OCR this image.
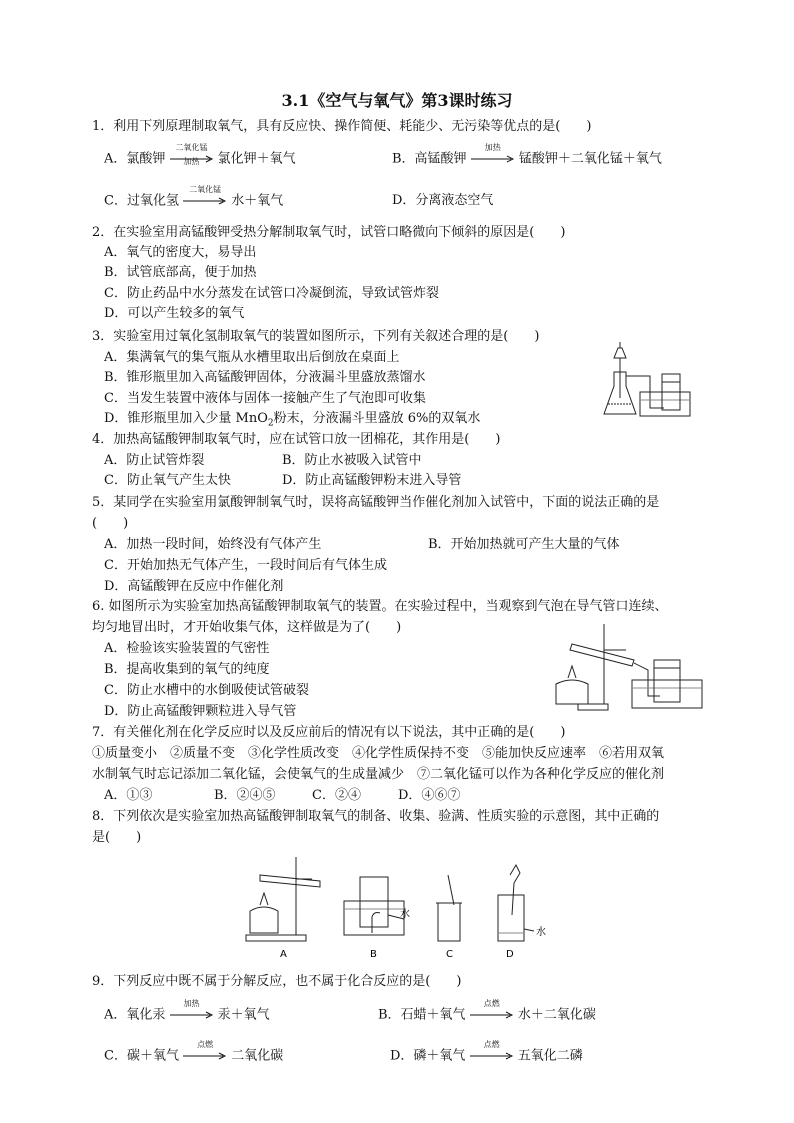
3.1《空气与氧气》第3课时练习
1．利用下列原理制取氧气，具有反应快、操作简便、耗能少、无污染等优点的是(　　)
A．氯酸钾
二氧化锰
加热	氯化钾＋氧气	B．高锰酸钾
加热
锰酸钾＋二氧化锰＋氧气
C．过氧化氢
二氧化锰
水＋氧气	D．分离液态空气
2．在实验室用高锰酸钾受热分解制取氧气时，试管口略微向下倾斜的原因是(　　)
A．氧气的密度大，易导出
B．试管底部高，便于加热
C．防止药品中水分蒸发在试管口冷凝倒流，导致试管炸裂
D．可以产生较多的氧气
3．实验室用过氧化氢制取氧气的装置如图所示，下列有关叙述合理的是(　　)
A．集满氧气的集气瓶从水槽里取出后倒放在桌面上
B．锥形瓶里加入高锰酸钾固体，分液漏斗里盛放蒸馏水
C．当发生装置中液体与固体一接触产生了气泡即可收集
D．锥形瓶里加入少量 MnO$_2$粉末，分液漏斗里盛放 6%的双氧水
4．加热高锰酸钾制取氧气时，应在试管口放一团棉花，其作用是(　　)
A．防止试管炸裂	B．防止水被吸入试管中
C．防止氧气产生太快	D．防止高锰酸钾粉末进入导管
5．某同学在实验室用氯酸钾制氧气时，误将高锰酸钾当作催化剂加入试管中，下面的说法正确的是
(　　)
A．加热一段时间，始终没有气体产生	B．开始加热就可产生大量的气体
C．开始加热无气体产生，一段时间后有气体生成
D．高锰酸钾在反应中作催化剂
6. 如图所示为实验室加热高锰酸钾制取氧气的装置。在实验过程中，当观察到气泡在导气管口连续、
均匀地冒出时，才开始收集气体，这样做是为了(　　)
A．检验该实验装置的气密性
B．提高收集到的氧气的纯度
C．防止水槽中的水倒吸使试管破裂
D．防止高锰酸钾颗粒进入导气管
7．有关催化剂在化学反应时以及反应前后的情况有以下说法，其中正确的是(　　)
①质量变小　②质量不变　③化学性质改变　④化学性质保持不变　⑤能加快反应速率　⑥若用双氧
水制氧气时忘记添加二氧化锰，会使氧气的生成量减少　⑦二氧化锰可以作为各种化学反应的催化剂
A．①③	B．②④⑤	C．②④	D．④⑥⑦
8．下列依次是实验室加热高锰酸钾制取氧气的制备、收集、验满、性质实验的示意图，其中正确的
是(　　)
水
水
A	B	C	D
9．下列反应中既不属于分解反应，也不属于化合反应的是(　　)
A．氧化汞
加热
汞＋氧气	B．石蜡＋氧气
点燃
水＋二氧化碳
C．碳＋氧气
点燃
二氧化碳	D．磷＋氧气
点燃
五氧化二磷
